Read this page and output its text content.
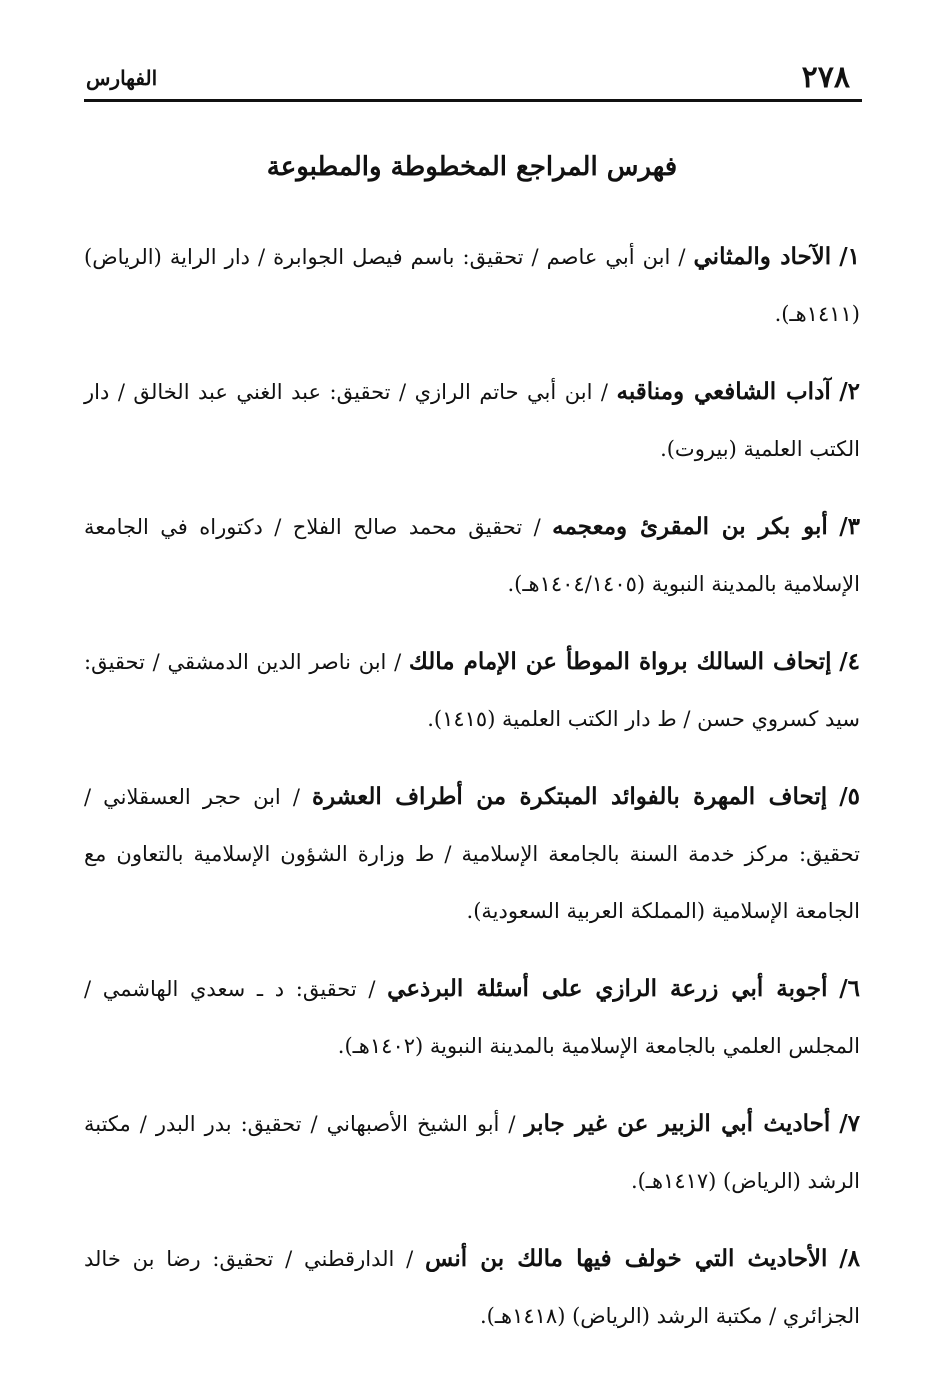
٢٧٨
الفهارس
فهرس المراجع المخطوطة والمطبوعة

١/ الآحاد والمثاني / ابن أبي عاصم / تحقيق: باسم فيصل الجوابرة / دار الراية (الرياض) (١٤١١هـ).

٢/ آداب الشافعي ومناقبه / ابن أبي حاتم الرازي / تحقيق: عبد الغني عبد الخالق / دار الكتب العلمية (بيروت).

٣/ أبو بكر بن المقرئ ومعجمه / تحقيق محمد صالح الفلاح / دكتوراه في الجامعة الإسلامية بالمدينة النبوية (١٤٠٤/١٤٠٥هـ).

٤/ إتحاف السالك برواة الموطأ عن الإمام مالك / ابن ناصر الدين الدمشقي / تحقيق: سيد كسروي حسن / ط دار الكتب العلمية (١٤١٥).

٥/ إتحاف المهرة بالفوائد المبتكرة من أطراف العشرة / ابن حجر العسقلاني / تحقيق: مركز خدمة السنة بالجامعة الإسلامية / ط وزارة الشؤون الإسلامية بالتعاون مع الجامعة الإسلامية (المملكة العربية السعودية).

٦/ أجوبة أبي زرعة الرازي على أسئلة البرذعي / تحقيق: د ـ سعدي الهاشمي / المجلس العلمي بالجامعة الإسلامية بالمدينة النبوية (١٤٠٢هـ).

٧/ أحاديث أبي الزبير عن غير جابر / أبو الشيخ الأصبهاني / تحقيق: بدر البدر / مكتبة الرشد (الرياض) (١٤١٧هـ).

٨/ الأحاديث التي خولف فيها مالك بن أنس / الدارقطني / تحقيق: رضا بن خالد الجزائري / مكتبة الرشد (الرياض) (١٤١٨هـ).
